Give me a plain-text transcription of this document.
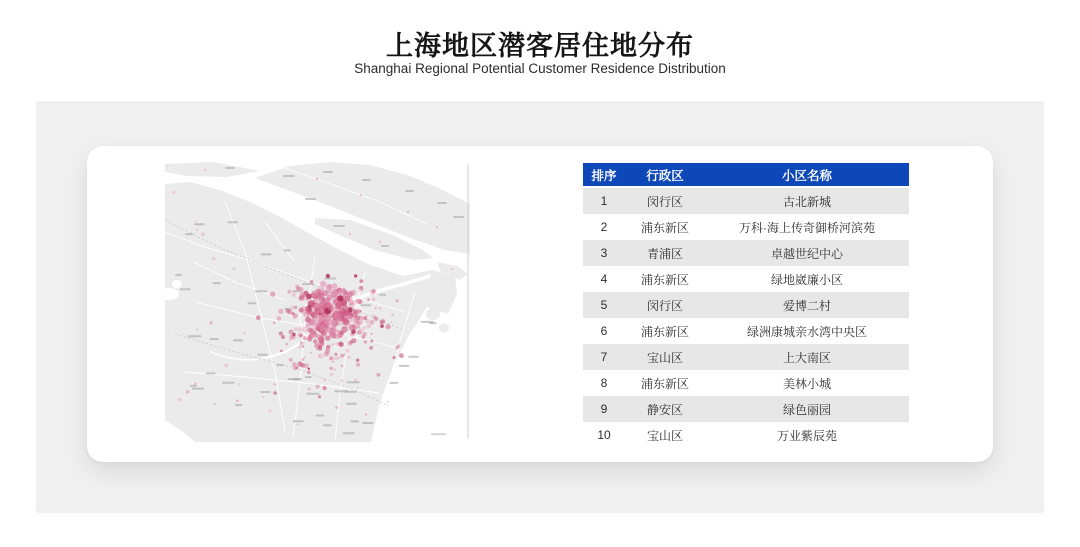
上海地区潜客居住地分布
Shanghai Regional Potential Customer Residence Distribution
排序	行政区	小区名称
1	闵行区	古北新城
2	浦东新区	万科·海上传奇御桥河滨苑
3	青浦区	卓越世纪中心
4	浦东新区	绿地崴廉小区
5	闵行区	爱博二村
6	浦东新区	绿洲康城亲水湾中央区
7	宝山区	上大南区
8	浦东新区	美林小城
9	静安区	绿色丽园
10	宝山区	万业紫辰苑
